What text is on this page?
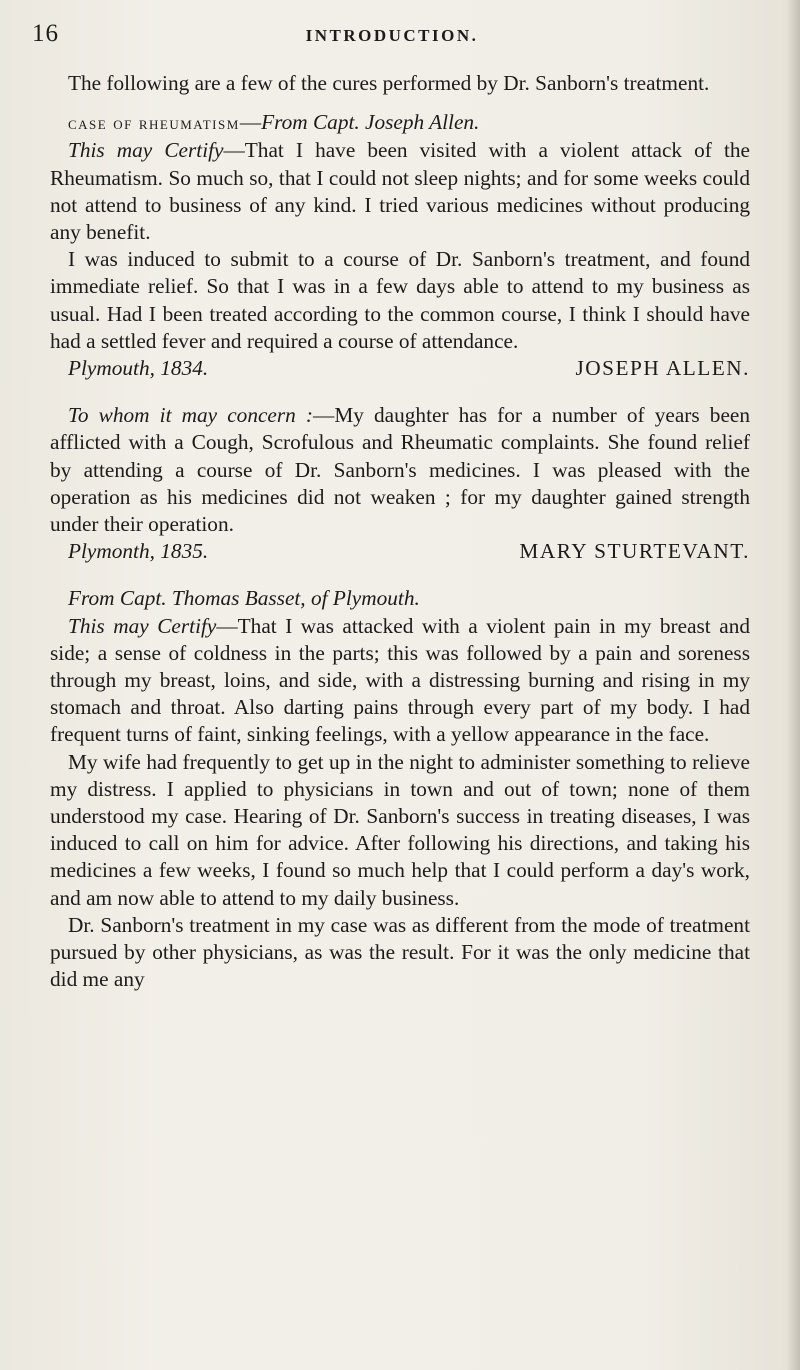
16	INTRODUCTION.

The following are a few of the cures performed by Dr. Sanborn's treatment.

case of rheumatism—From Capt. Joseph Allen.

This may Certify—That I have been visited with a violent attack of the Rheumatism. So much so, that I could not sleep nights; and for some weeks could not attend to business of any kind. I tried various medicines without producing any benefit.

I was induced to submit to a course of Dr. Sanborn's treatment, and found immediate relief. So that I was in a few days able to attend to my business as usual. Had I been treated according to the common course, I think I should have had a settled fever and required a course of attendance.

Plymouth, 1834.	JOSEPH ALLEN.

To whom it may concern :—My daughter has for a number of years been afflicted with a Cough, Scrofulous and Rheumatic complaints. She found relief by attending a course of Dr. Sanborn's medicines. I was pleased with the operation as his medicines did not weaken ; for my daughter gained strength under their operation.

Plymonth, 1835.	MARY STURTEVANT.

From Capt. Thomas Basset, of Plymouth.

This may Certify—That I was attacked with a violent pain in my breast and side; a sense of coldness in the parts; this was followed by a pain and soreness through my breast, loins, and side, with a distressing burning and rising in my stomach and throat. Also darting pains through every part of my body. I had frequent turns of faint, sinking feelings, with a yellow appearance in the face.

My wife had frequently to get up in the night to administer something to relieve my distress. I applied to physicians in town and out of town; none of them understood my case. Hearing of Dr. Sanborn's success in treating diseases, I was induced to call on him for advice. After following his directions, and taking his medicines a few weeks, I found so much help that I could perform a day's work, and am now able to attend to my daily business.

Dr. Sanborn's treatment in my case was as different from the mode of treatment pursued by other physicians, as was the result. For it was the only medicine that did me any
